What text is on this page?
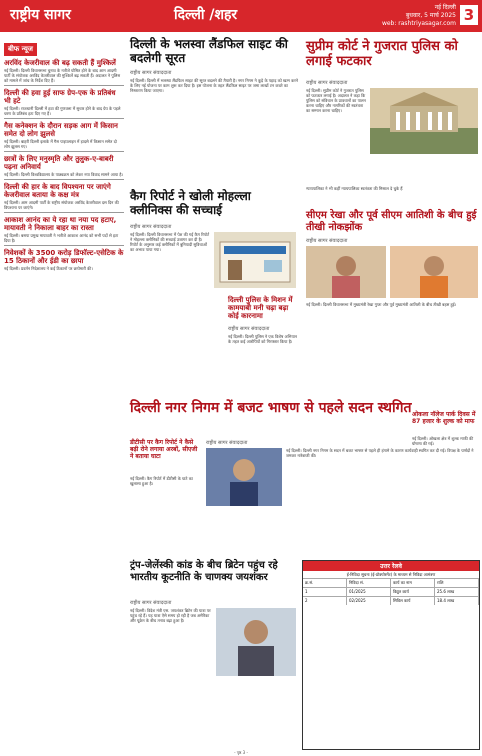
राष्ट्रीय सागर	दिल्ली /शहर	नई दिल्ली
बुधवार, 5 मार्च 2025
web: rashtriyasagar.com 3
बीफ न्यूज
अरविंद केजरीवाल की बढ़ सकती हैं मुश्किलें

नई दिल्ली। दिल्ली विधानसभा चुनाव के नतीजे घोषित होने के बाद आम आदमी पार्टी के संयोजक अरविंद केजरीवाल की मुश्किलें बढ़ सकती हैं। अदालत ने पुलिस को मामले में जांच के निर्देश दिए हैं।

दिल्ली की हवा हुई साफ ग्रेप-एक के प्रतिबंध भी हटे

नई दिल्ली। राजधानी दिल्ली में हवा की गुणवत्ता में सुधार होने के बाद ग्रेप के पहले चरण के प्रतिबंध हटा दिए गए हैं।

गैस कनेक्शन के दौरान सड़क आग में किसान समेत दो लोग झुलसे

नई दिल्ली। बाहरी दिल्ली इलाके में गैस पाइपलाइन में हादसे में किसान समेत दो लोग झुलस गए।

छात्रों के लिए मनुस्मृति और तुलुक-ए-बाबरी पढ़ना अनिवार्य

नई दिल्ली। दिल्ली विश्वविद्यालय के पाठ्यक्रम को लेकर नया विवाद सामने आया है।

दिल्ली की हार के बाद विपश्यना पर जाएंगे केजरीवाल बताया के कक्ष मंत्र

नई दिल्ली। आम आदमी पार्टी के राष्ट्रीय संयोजक अरविंद केजरीवाल दस दिन की विपश्यना पर जाएंगे।

आकाश आनंद का ये रहा था नया पद हटाए, मायावती ने निकाला बाहर का रास्ता

नई दिल्ली। बसपा प्रमुख मायावती ने भतीजे आकाश आनंद को सभी पदों से हटा दिया है।

निवेशकों के 3500 करोड़ डिफॉल्ट-एसेटिक के 15 ठिकानों और ईडी का छापा

नई दिल्ली। प्रवर्तन निदेशालय ने कई ठिकानों पर छापेमारी की।

दिल्ली के भलस्वा लैंडफिल साइट की बदलेगी सूरत
राष्ट्रीय सागर संवाददाता
नई दिल्ली। दिल्ली में भलस्वा लैंडफिल साइट की सूरत बदलने की तैयारी है। नगर निगम ने कूड़े के पहाड़ को खत्म करने के लिए नई योजना पर काम शुरू कर दिया है। इस योजना के तहत लैंडफिल साइट पर जमा लाखों टन कचरे का निस्तारण किया जाएगा।
सुप्रीम कोर्ट ने गुजरात पुलिस को लगाई फटकार
राष्ट्रीय सागर संवाददाता
नई दिल्ली। सुप्रीम कोर्ट ने गुजरात पुलिस को फटकार लगाई है। अदालत ने कहा कि पुलिस को संविधान के प्रावधानों का पालन करना चाहिए और नागरिकों की स्वतंत्रता का सम्मान करना चाहिए।
न्यायपालिका ने भी कहीं न्यायपालिका स्वतंत्रता की मिसाल दे चुके हैं
कैग रिपोर्ट ने खोली मोहल्ला क्लीनिक्स की सच्चाई
राष्ट्रीय सागर संवाददाता
नई दिल्ली। दिल्ली विधानसभा में पेश की गई कैग रिपोर्ट ने मोहल्ला क्लीनिकों की सच्चाई उजागर कर दी है। रिपोर्ट के अनुसार कई क्लीनिकों में बुनियादी सुविधाओं का अभाव पाया गया।
दिल्ली पुलिस के मिशन में कामयाबी मनी चढ़ा बढ़ा कोई कारनामा
राष्ट्रीय सागर संवाददाता
नई दिल्ली। दिल्ली पुलिस ने एक विशेष अभियान के तहत कई आरोपियों को गिरफ्तार किया है।
सीएम रेखा और पूर्व सीएम आतिशी के बीच हुई तीखी नोकझोंक
राष्ट्रीय सागर संवाददाता
नई दिल्ली। दिल्ली विधानसभा में मुख्यमंत्री रेखा गुप्ता और पूर्व मुख्यमंत्री आतिशी के बीच तीखी बहस हुई।
दिल्ली नगर निगम में बजट भाषण से पहले सदन स्थगित
राष्ट्रीय सागर संवाददाता
नई दिल्ली। दिल्ली नगर निगम के सदन में बजट भाषण से पहले ही हंगामे के कारण कार्यवाही स्थगित कर दी गई। विपक्ष के पार्षदों ने जमकर नारेबाजी की।
डीटीसी पर कैग रिपोर्ट ने कैसे बढ़ी रोने लगाया अरबों, सीएजी ने बताया घाटा
नई दिल्ली। कैग रिपोर्ट में डीटीसी के घाटे का खुलासा हुआ है।
ओकला नॉलेज पार्क दिवस में 87 हजार के शुल्क को माफ
नई दिल्ली। ओखला क्षेत्र में शुल्क माफी की घोषणा की गई।
ट्रंप-जेलेंस्की कांड के बीच ब्रिटेन पहुंच रहे भारतीय कूटनीति के चाणक्य जयशंकर
राष्ट्रीय सागर संवाददाता
नई दिल्ली। विदेश मंत्री एस. जयशंकर ब्रिटेन की यात्रा पर पहुंच रहे हैं। यह यात्रा ऐसे समय हो रही है जब अमेरिका और यूक्रेन के बीच तनाव बढ़ा हुआ है।
उत्तर रेलवे
ई-निविदा सूचना (ई-प्रोक्योरमेंट) के माध्यम से निविदा आमंत्रण
क्र.सं.	निविदा सं.	कार्य का नाम	राशि
1	01/2025	विद्युत कार्य	25.6 लाख
2	02/2025	सिविल कार्य	18.4 लाख
- पृष्ठ 3 -
